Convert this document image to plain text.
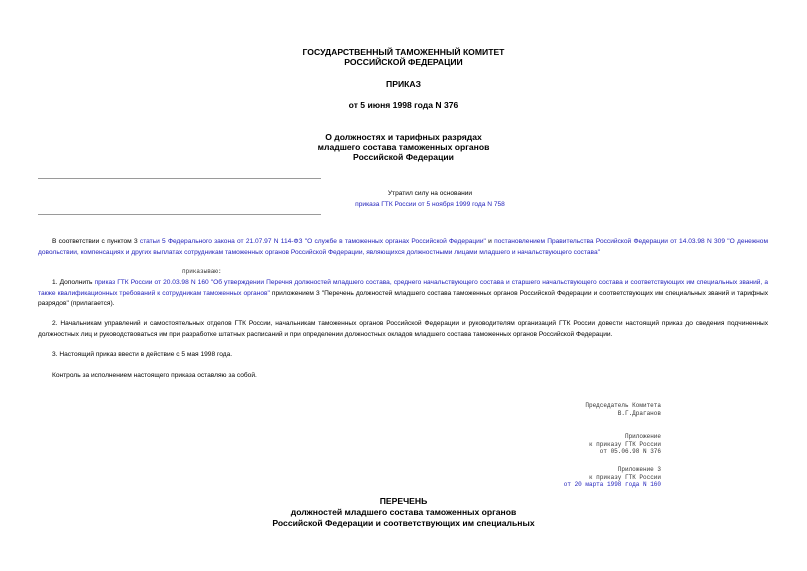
ГОСУДАРСТВЕННЫЙ ТАМОЖЕННЫЙ КОМИТЕТ
РОССИЙСКОЙ ФЕДЕРАЦИИ
ПРИКАЗ
от 5 июня 1998 года N 376
О должностях и тарифных разрядах
младшего состава таможенных органов
Российской Федерации
Утратил силу на основании
приказа ГТК России от 5 ноября 1999 года N 758
В соответствии с пунктом 3 статьи 5 Федерального закона от 21.07.97 N 114-ФЗ "О службе в таможенных органах Российской Федерации" и постановлением Правительства Российской Федерации от 14.03.98 N 309 "О денежном довольствии, компенсациях и других выплатах сотрудникам таможенных органов Российской Федерации, являющихся должностными лицами младшего и начальствующего состава"
приказываю:
1. Дополнить приказ ГТК России от 20.03.98 N 160 "Об утверждении Перечня должностей младшего состава, среднего начальствующего состава и старшего начальствующего состава и соответствующих им специальных званий, а также квалификационных требований к сотрудникам таможенных органов" приложением 3 "Перечень должностей младшего состава таможенных органов Российской Федерации и соответствующих им специальных званий и тарифных разрядов" (прилагается).
2. Начальникам управлений и самостоятельных отделов ГТК России, начальникам таможенных органов Российской Федерации и руководителям организаций ГТК России довести настоящий приказ до сведения подчиненных должностных лиц и руководствоваться им при разработке штатных расписаний и при определении должностных окладов младшего состава таможенных органов Российской Федерации.
3. Настоящий приказ ввести в действие с 5 мая 1998 года.
Контроль за исполнением настоящего приказа оставляю за собой.
Председатель Комитета
В.Г.Драганов
Приложение
к приказу ГТК России
от 05.06.98 N 376
Приложение 3
к приказу ГТК России
от 20 марта 1998 года N 160
ПЕРЕЧЕНЬ
должностей младшего состава таможенных органов
Российской Федерации и соответствующих им специальных
